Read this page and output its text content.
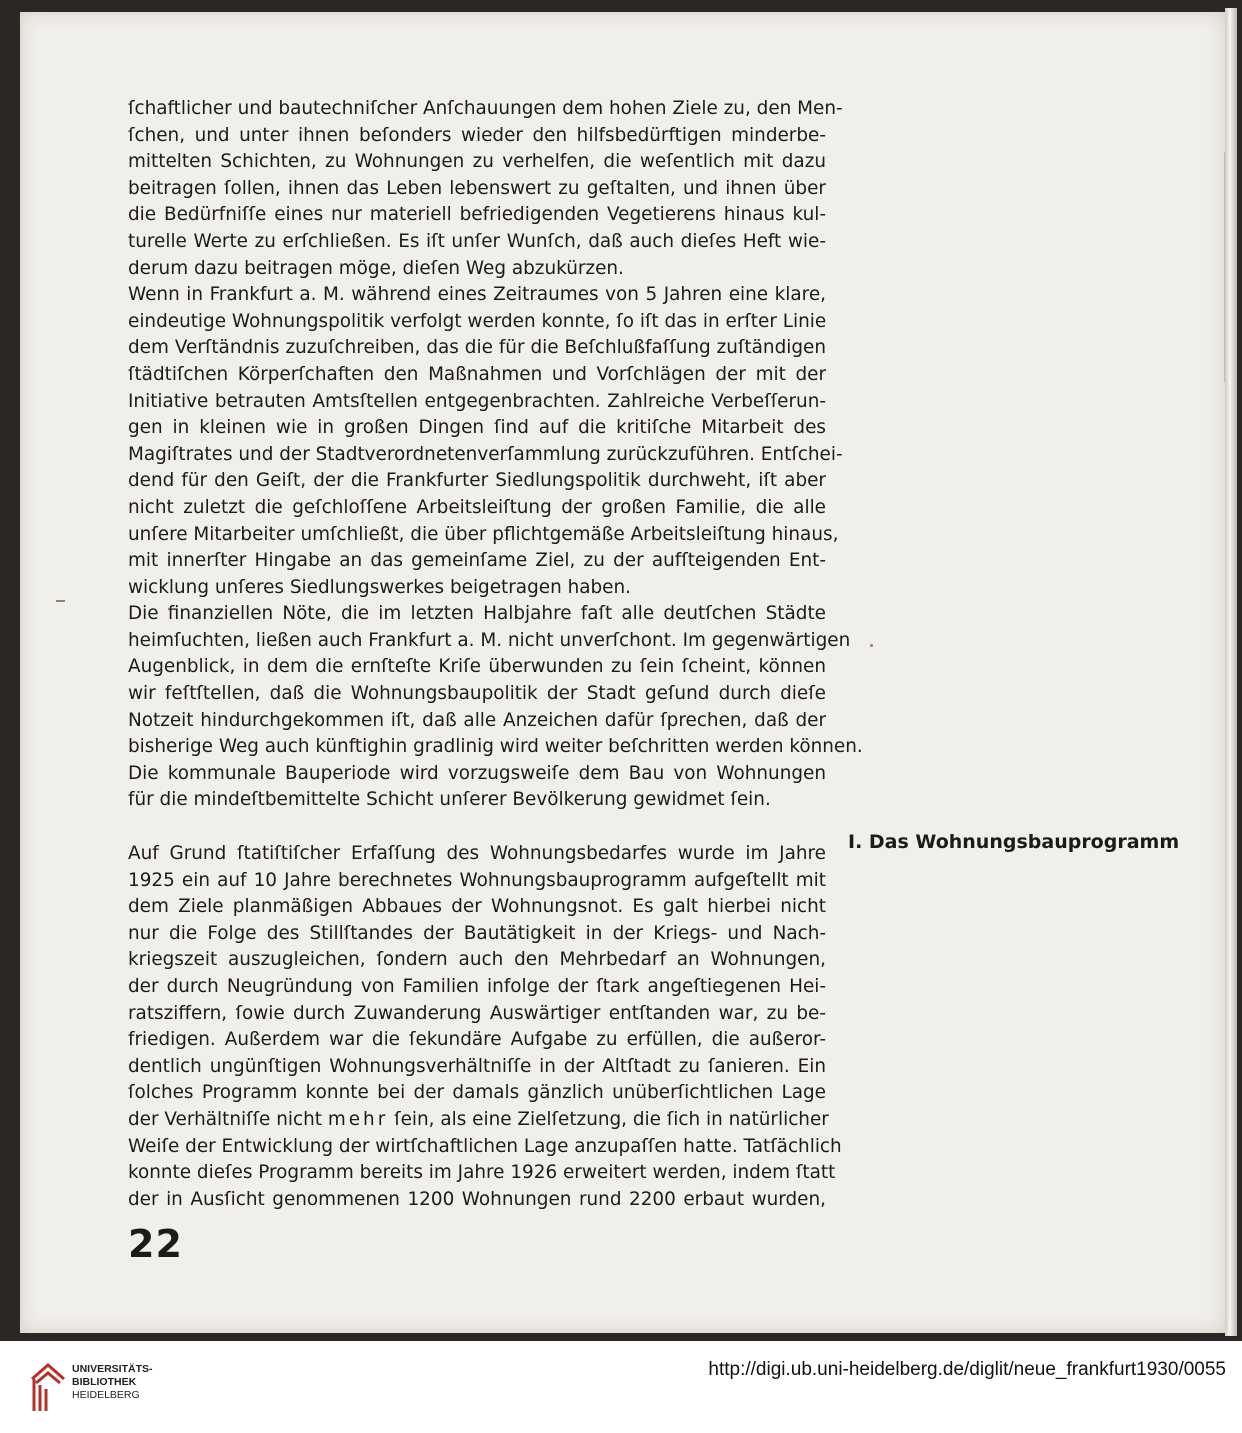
ſchaftlicher und bautechniſcher Anſchauungen dem hohen Ziele zu, den Men-
ſchen, und unter ihnen beſonders wieder den hilfsbedürftigen minderbe-
mittelten Schichten, zu Wohnungen zu verhelfen, die weſentlich mit dazu
beitragen ſollen, ihnen das Leben lebenswert zu geſtalten, und ihnen über
die Bedürfniſſe eines nur materiell befriedigenden Vegetierens hinaus kul-
turelle Werte zu erſchließen. Es iſt unſer Wunſch, daß auch dieſes Heft wie-
derum dazu beitragen möge, dieſen Weg abzukürzen.
Wenn in Frankfurt a. M. während eines Zeitraumes von 5 Jahren eine klare,
eindeutige Wohnungspolitik verfolgt werden konnte, ſo iſt das in erſter Linie
dem Verſtändnis zuzuſchreiben, das die für die Beſchlußfaſſung zuſtändigen
ſtädtiſchen Körperſchaften den Maßnahmen und Vorſchlägen der mit der
Initiative betrauten Amtsſtellen entgegenbrachten. Zahlreiche Verbeſſerun-
gen in kleinen wie in großen Dingen ſind auf die kritiſche Mitarbeit des
Magiſtrates und der Stadtverordnetenverſammlung zurückzuführen. Entſchei-
dend für den Geiſt, der die Frankfurter Siedlungspolitik durchweht, iſt aber
nicht zuletzt die geſchloſſene Arbeitsleiſtung der großen Familie, die alle
unſere Mitarbeiter umſchließt, die über pflichtgemäße Arbeitsleiſtung hinaus,
mit innerſter Hingabe an das gemeinſame Ziel, zu der aufſteigenden Ent-
wicklung unſeres Siedlungswerkes beigetragen haben.
Die finanziellen Nöte, die im letzten Halbjahre faſt alle deutſchen Städte
heimſuchten, ließen auch Frankfurt a. M. nicht unverſchont. Im gegenwärtigen
Augenblick, in dem die ernſteſte Kriſe überwunden zu ſein ſcheint, können
wir feſtſtellen, daß die Wohnungsbaupolitik der Stadt geſund durch dieſe
Notzeit hindurchgekommen iſt, daß alle Anzeichen dafür ſprechen, daß der
bisherige Weg auch künftighin gradlinig wird weiter beſchritten werden können.
Die kommunale Bauperiode wird vorzugsweiſe dem Bau von Wohnungen
für die mindeſtbemittelte Schicht unſerer Bevölkerung gewidmet ſein.
Auf Grund ſtatiſtiſcher Erfaſſung des Wohnungsbedarfes wurde im Jahre
1925 ein auf 10 Jahre berechnetes Wohnungsbauprogramm aufgeſtellt mit
dem Ziele planmäßigen Abbaues der Wohnungsnot. Es galt hierbei nicht
nur die Folge des Stillſtandes der Bautätigkeit in der Kriegs- und Nach-
kriegszeit auszugleichen, ſondern auch den Mehrbedarf an Wohnungen,
der durch Neugründung von Familien infolge der ſtark angeſtiegenen Hei-
ratsziffern, ſowie durch Zuwanderung Auswärtiger entſtanden war, zu be-
friedigen. Außerdem war die ſekundäre Aufgabe zu erfüllen, die außeror-
dentlich ungünſtigen Wohnungsverhältniſſe in der Altſtadt zu ſanieren. Ein
ſolches Programm konnte bei der damals gänzlich unüberſichtlichen Lage
der Verhältniſſe nicht mehr ſein, als eine Zielſetzung, die ſich in natürlicher
Weiſe der Entwicklung der wirtſchaftlichen Lage anzupaſſen hatte. Tatſächlich
konnte dieſes Programm bereits im Jahre 1926 erweitert werden, indem ſtatt
der in Ausſicht genommenen 1200 Wohnungen rund 2200 erbaut wurden,
I. Das Wohnungsbauprogramm
22
UNIVERSITÄTS-
BIBLIOTHEK
HEIDELBERG
http://digi.ub.uni-heidelberg.de/diglit/neue_frankfurt1930/0055
